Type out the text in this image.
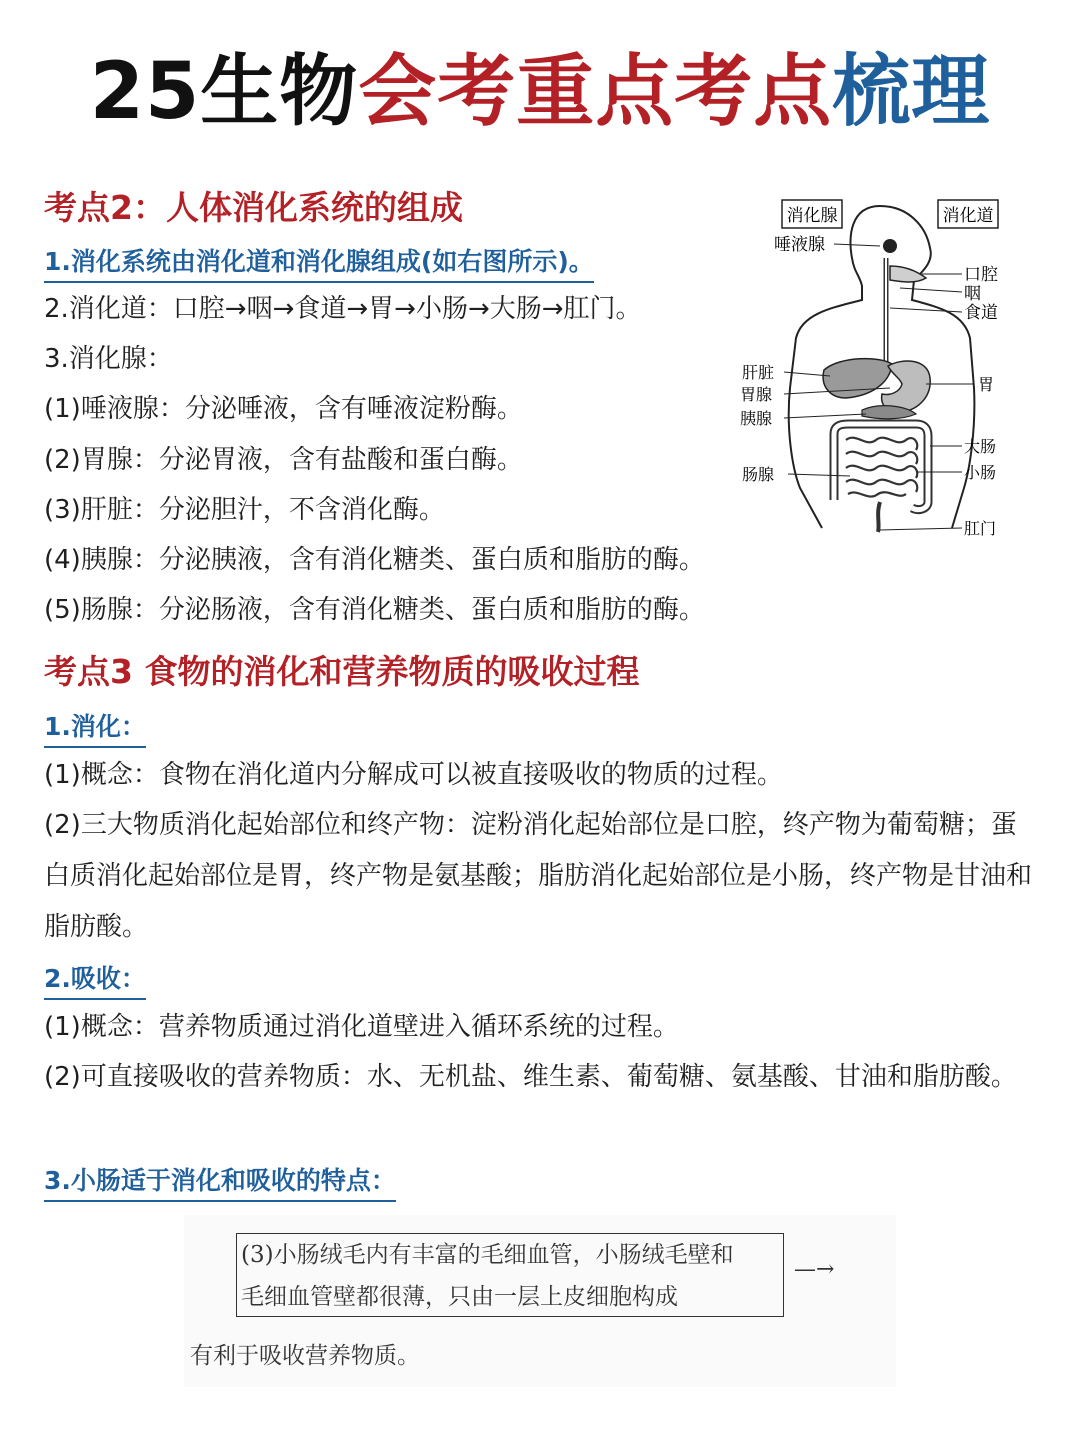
25生物会考重点考点梳理
考点2：人体消化系统的组成
1.消化系统由消化道和消化腺组成(如右图所示)。
2.消化道：口腔→咽→食道→胃→小肠→大肠→肛门。
3.消化腺：
(1)唾液腺：分泌唾液，含有唾液淀粉酶。
(2)胃腺：分泌胃液，含有盐酸和蛋白酶。
(3)肝脏：分泌胆汁，不含消化酶。
(4)胰腺：分泌胰液，含有消化糖类、蛋白质和脂肪的酶。
(5)肠腺：分泌肠液，含有消化糖类、蛋白质和脂肪的酶。
消化腺	消化道
唾液腺
肝脏
胃腺
胰腺
肠腺
口腔
咽
食道
胃
大肠
小肠
肛门
考点3 食物的消化和营养物质的吸收过程
1.消化：
(1)概念：食物在消化道内分解成可以被直接吸收的物质的过程。
(2)三大物质消化起始部位和终产物：淀粉消化起始部位是口腔，终产物为葡萄糖；蛋白质消化起始部位是胃，终产物是氨基酸；脂肪消化起始部位是小肠，终产物是甘油和脂肪酸。
2.吸收：
(1)概念：营养物质通过消化道壁进入循环系统的过程。
(2)可直接吸收的营养物质：水、无机盐、维生素、葡萄糖、氨基酸、甘油和脂肪酸。
3.小肠适于消化和吸收的特点：
(3)小肠绒毛内有丰富的毛细血管，小肠绒毛壁和
毛细血管壁都很薄，只由一层上皮细胞构成
—→
有利于吸收营养物质。
